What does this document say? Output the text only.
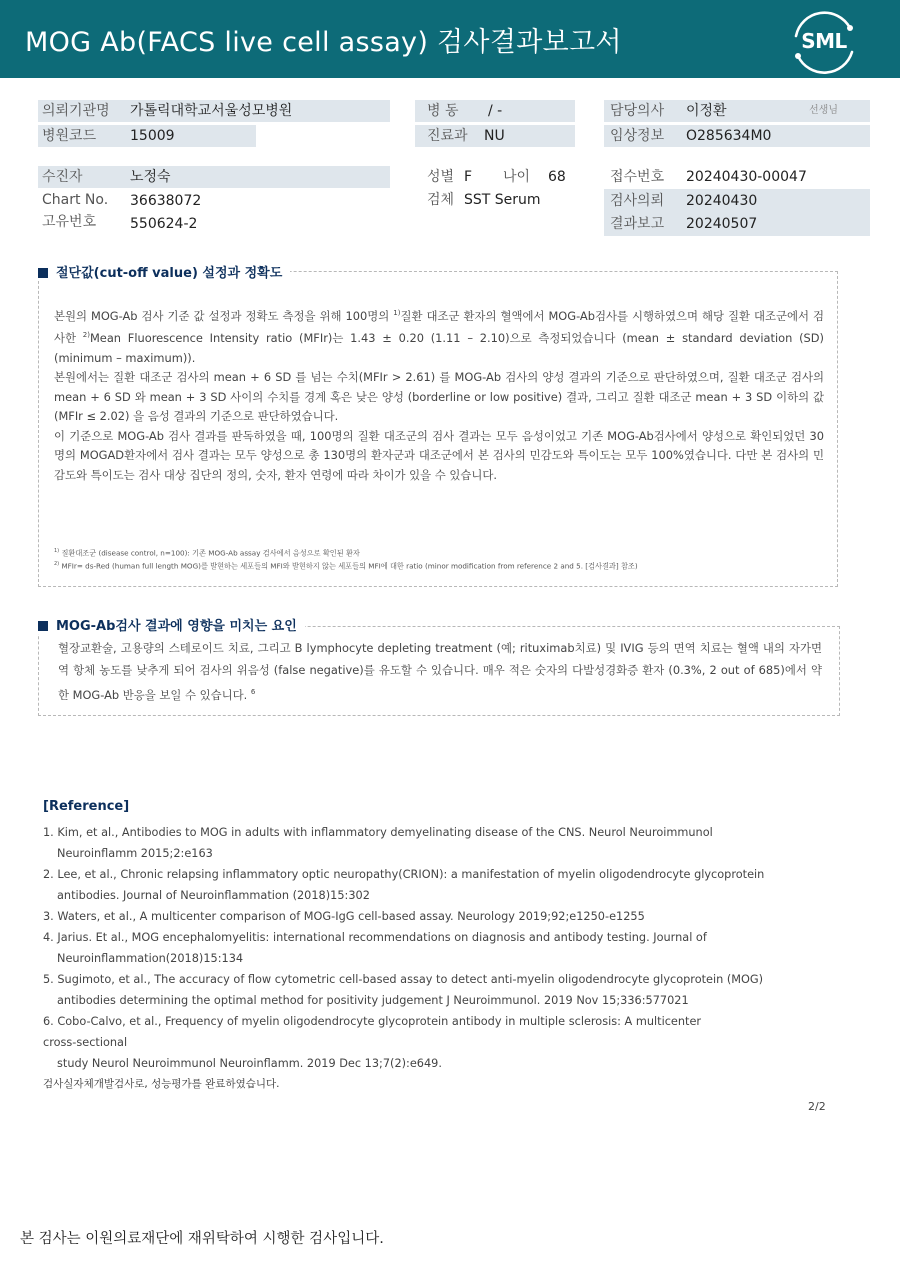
MOG Ab(FACS live cell assay) 검사결과보고서	SML
의뢰기관명 가톨릭대학교서울성모병원
병원코드 15009
병 동 / -
진료과 NU
담당의사 이정환	선생님
임상정보 O285634M0
수진자	노정숙
Chart No. 36638072
고유번호 550624-2
성별 F 나이 68
검체 SST Serum
접수번호 20240430-00047
검사의뢰 20240430
결과보고 20240507
절단값(cut-off value) 설정과 정확도

본원의 MOG-Ab 검사 기준 값 설정과 정확도 측정을 위해 100명의 $^{1)}$질환 대조군 환자의 혈액에서 MOG-Ab검사를 시행하였으며 해당 질환 대조군에서 검사한 $^{2)}$Mean Fluorescence Intensity ratio (MFIr)는 1.43 ± 0.20 (1.11 – 2.10)으로 측정되었습니다 (mean ± standard deviation (SD) (minimum – maximum)).

본원에서는 질환 대조군 검사의 mean + 6 SD 를 넘는 수치(MFIr > 2.61) 를 MOG-Ab 검사의 양성 결과의 기준으로 판단하였으며, 질환 대조군 검사의 mean + 6 SD 와 mean + 3 SD 사이의 수치를 경계 혹은 낮은 양성 (borderline or low positive) 결과, 그리고 질환 대조군 mean + 3 SD 이하의 값 (MFIr ≤ 2.02) 을 음성 결과의 기준으로 판단하였습니다.

이 기준으로 MOG-Ab 검사 결과를 판독하였을 때, 100명의 질환 대조군의 검사 결과는 모두 음성이었고 기존 MOG-Ab검사에서 양성으로 확인되었던 30명의 MOGAD환자에서 검사 결과는 모두 양성으로 총 130명의 환자군과 대조군에서 본 검사의 민감도와 특이도는 모두 100%였습니다. 다만 본 검사의 민감도와 특이도는 검사 대상 집단의 정의, 숫자, 환자 연령에 따라 차이가 있을 수 있습니다.

$^{1)}$ 질환대조군 (disease control, n=100): 기존 MOG-Ab assay 검사에서 음성으로 확인된 환자
$^{2)}$ MFIr= ds-Red (human full length MOG)를 발현하는 세포들의 MFI와 발현하지 않는 세포들의 MFI에 대한 ratio (minor modification from reference 2 and 5. [검사결과] 참조)
MOG-Ab검사 결과에 영향을 미치는 요인
혈장교환술, 고용량의 스테로이드 치료, 그리고 B lymphocyte depleting treatment (예; rituximab치료) 및 IVIG 등의 면역 치료는 혈액 내의 자가면역 항체 농도를 낮추게 되어 검사의 위음성 (false negative)를 유도할 수 있습니다. 매우 적은 숫자의 다발성경화증 환자 (0.3%, 2 out of 685)에서 약한 MOG-Ab 반응을 보일 수 있습니다. $^6$
[Reference]
1. Kim, et al., Antibodies to MOG in adults with inflammatory demyelinating disease of the CNS. Neurol Neuroimmunol
Neuroinflamm 2015;2:e163
2. Lee, et al., Chronic relapsing inflammatory optic neuropathy(CRION): a manifestation of myelin oligodendrocyte glycoprotein
antibodies. Journal of Neuroinflammation (2018)15:302
3. Waters, et al., A multicenter comparison of MOG-IgG cell-based assay. Neurology 2019;92;e1250-e1255
4. Jarius. Et al., MOG encephalomyelitis: international recommendations on diagnosis and antibody testing. Journal of
Neuroinflammation(2018)15:134
5. Sugimoto, et al., The accuracy of flow cytometric cell-based assay to detect anti-myelin oligodendrocyte glycoprotein (MOG)
antibodies determining the optimal method for positivity judgement J Neuroimmunol. 2019 Nov 15;336:577021
6. Cobo-Calvo, et al., Frequency of myelin oligodendrocyte glycoprotein antibody in multiple sclerosis: A multicenter
cross-sectional
study Neurol Neuroimmunol Neuroinflamm. 2019 Dec 13;7(2):e649.
검사실자체개발검사로, 성능평가를 완료하였습니다.
2/2
본 검사는 이원의료재단에 재위탁하여 시행한 검사입니다.
